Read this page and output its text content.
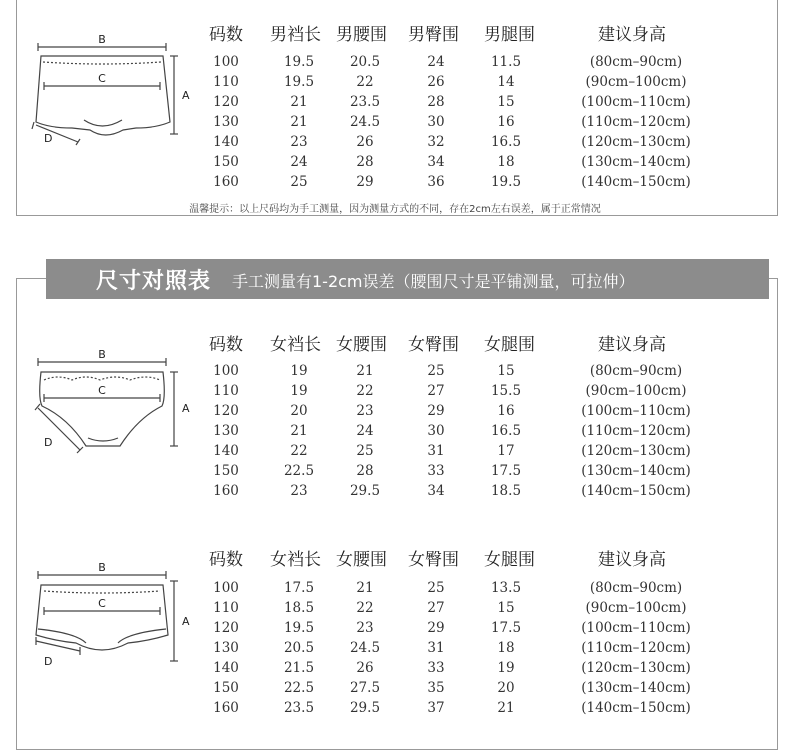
B
C
A
D
码数 男裆长 男腰围 男臀围 男腿围	建议身高
100	19.5	20.5	24	11.5	(80cm–90cm)
110	19.5	22	26	14	(90cm–100cm)
120	21	23.5	28	15	(100cm–110cm)
130	21	24.5	30	16	(110cm–120cm)
140	23	26	32	16.5	(120cm–130cm)
150	24	28	34	18	(130cm–140cm)
160	25	29	36	19.5	(140cm–150cm)
温馨提示：以上尺码均为手工测量，因为测量方式的不同，存在2cm左右误差，属于正常情况
尺寸对照表 手工测量有1-2cm误差（腰围尺寸是平铺测量，可拉伸）
B
C
A
D
码数 女裆长 女腰围 女臀围 女腿围	建议身高
100	19	21	25	15	(80cm–90cm)
110	19	22	27	15.5	(90cm–100cm)
120	20	23	29	16	(100cm–110cm)
130	21	24	30	16.5	(110cm–120cm)
140	22	25	31	17	(120cm–130cm)
150	22.5	28	33	17.5	(130cm–140cm)
160	23	29.5	34	18.5	(140cm–150cm)
B
C
A
D
码数 女裆长 女腰围 女臀围 女腿围	建议身高
100	17.5	21	25	13.5	(80cm–90cm)
110	18.5	22	27	15	(90cm–100cm)
120	19.5	23	29	17.5	(100cm–110cm)
130	20.5	24.5	31	18	(110cm–120cm)
140	21.5	26	33	19	(120cm–130cm)
150	22.5	27.5	35	20	(130cm–140cm)
160	23.5	29.5	37	21	(140cm–150cm)
